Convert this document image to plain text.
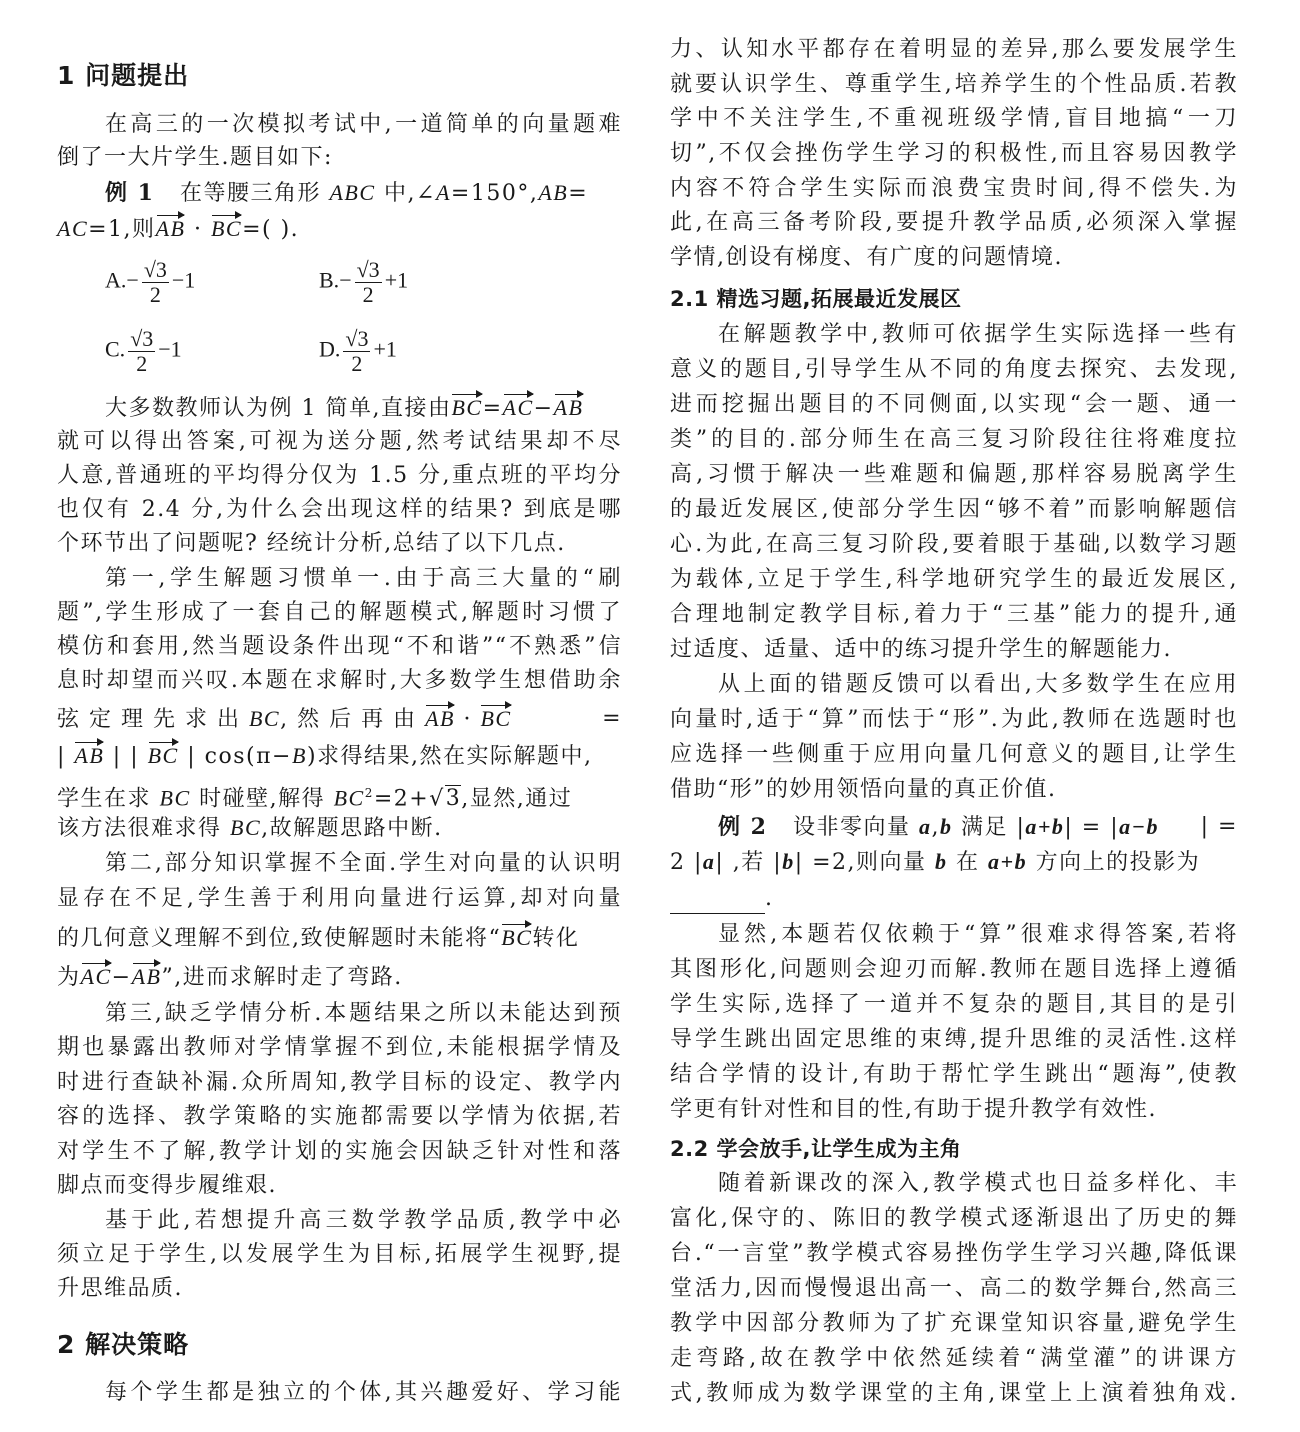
1 问题提出
在高三的一次模拟考试中,一道简单的向量题难
倒了一大片学生.题目如下:
例 1 在等腰三角形 ABC 中,∠A=150°,AB=
AC=1,则AB · BC=( ).
$A.- \frac{√3}{2} -1$	$B.- \frac{√3}{2} +1$
C. $\frac{√3}{2} -1$	D. $\frac{√3}{2} +1$
大多数教师认为例 1 简单,直接由BC=AC−AB
就可以得出答案,可视为送分题,然考试结果却不尽
人意,普通班的平均得分仅为 1.5 分,重点班的平均分
也仅有 2.4 分,为什么会出现这样的结果? 到底是哪
个环节出了问题呢? 经统计分析,总结了以下几点.
第一,学生解题习惯单一.由于高三大量的“刷
题”,学生形成了一套自己的解题模式,解题时习惯了
模仿和套用,然当题设条件出现“不和谐”“不熟悉”信
息时却望而兴叹.本题在求解时,大多数学生想借助余
弦 定 理 先 求 出 BC, 然 后 再 由 AB · BC	=
| AB | | BC | cos(π−B)求得结果,然在实际解题中,
学生在求 BC 时碰壁,解得 $BC^2=2+√3$,显然,通过
该方法很难求得 BC,故解题思路中断.
第二,部分知识掌握不全面.学生对向量的认识明
显存在不足,学生善于利用向量进行运算,却对向量
的几何意义理解不到位,致使解题时未能将“BC转化
为AC−AB”,进而求解时走了弯路.
第三,缺乏学情分析.本题结果之所以未能达到预
期也暴露出教师对学情掌握不到位,未能根据学情及
时进行查缺补漏.众所周知,教学目标的设定、教学内
容的选择、教学策略的实施都需要以学情为依据,若
对学生不了解,教学计划的实施会因缺乏针对性和落
脚点而变得步履维艰.
基于此,若想提升高三数学教学品质,教学中必
须立足于学生,以发展学生为目标,拓展学生视野,提
升思维品质.
2 解决策略
每个学生都是独立的个体,其兴趣爱好、学习能
力、认知水平都存在着明显的差异,那么要发展学生
就要认识学生、尊重学生,培养学生的个性品质.若教
学中不关注学生,不重视班级学情,盲目地搞“一刀
切”,不仅会挫伤学生学习的积极性,而且容易因教学
内容不符合学生实际而浪费宝贵时间,得不偿失.为
此,在高三备考阶段,要提升教学品质,必须深入掌握
学情,创设有梯度、有广度的问题情境.
2.1 精选习题,拓展最近发展区
在解题教学中,教师可依据学生实际选择一些有
意义的题目,引导学生从不同的角度去探究、去发现,
进而挖掘出题目的不同侧面,以实现“会一题、通一
类”的目的.部分师生在高三复习阶段往往将难度拉
高,习惯于解决一些难题和偏题,那样容易脱离学生
的最近发展区,使部分学生因“够不着”而影响解题信
心.为此,在高三复习阶段,要着眼于基础,以数学习题
为载体,立足于学生,科学地研究学生的最近发展区,
合理地制定教学目标,着力于“三基”能力的提升,通
过适度、适量、适中的练习提升学生的解题能力.
从上面的错题反馈可以看出,大多数学生在应用
向量时,适于“算”而怯于“形”.为此,教师在选题时也
应选择一些侧重于应用向量几何意义的题目,让学生
借助“形”的妙用领悟向量的真正价值.
例 2 设非零向量 a,b 满足 |a+b| = |a−b | =
2 |a| ,若 |b| =2,则向量 b 在 a+b 方向上的投影为
.
显然,本题若仅依赖于“算”很难求得答案,若将
其图形化,问题则会迎刃而解.教师在题目选择上遵循
学生实际,选择了一道并不复杂的题目,其目的是引
导学生跳出固定思维的束缚,提升思维的灵活性.这样
结合学情的设计,有助于帮忙学生跳出“题海”,使教
学更有针对性和目的性,有助于提升教学有效性.
2.2 学会放手,让学生成为主角
随着新课改的深入,教学模式也日益多样化、丰
富化,保守的、陈旧的教学模式逐渐退出了历史的舞
台.“一言堂”教学模式容易挫伤学生学习兴趣,降低课
堂活力,因而慢慢退出高一、高二的数学舞台,然高三
教学中因部分教师为了扩充课堂知识容量,避免学生
走弯路,故在教学中依然延续着“满堂灌”的讲课方
式,教师成为数学课堂的主角,课堂上上演着独角戏.
